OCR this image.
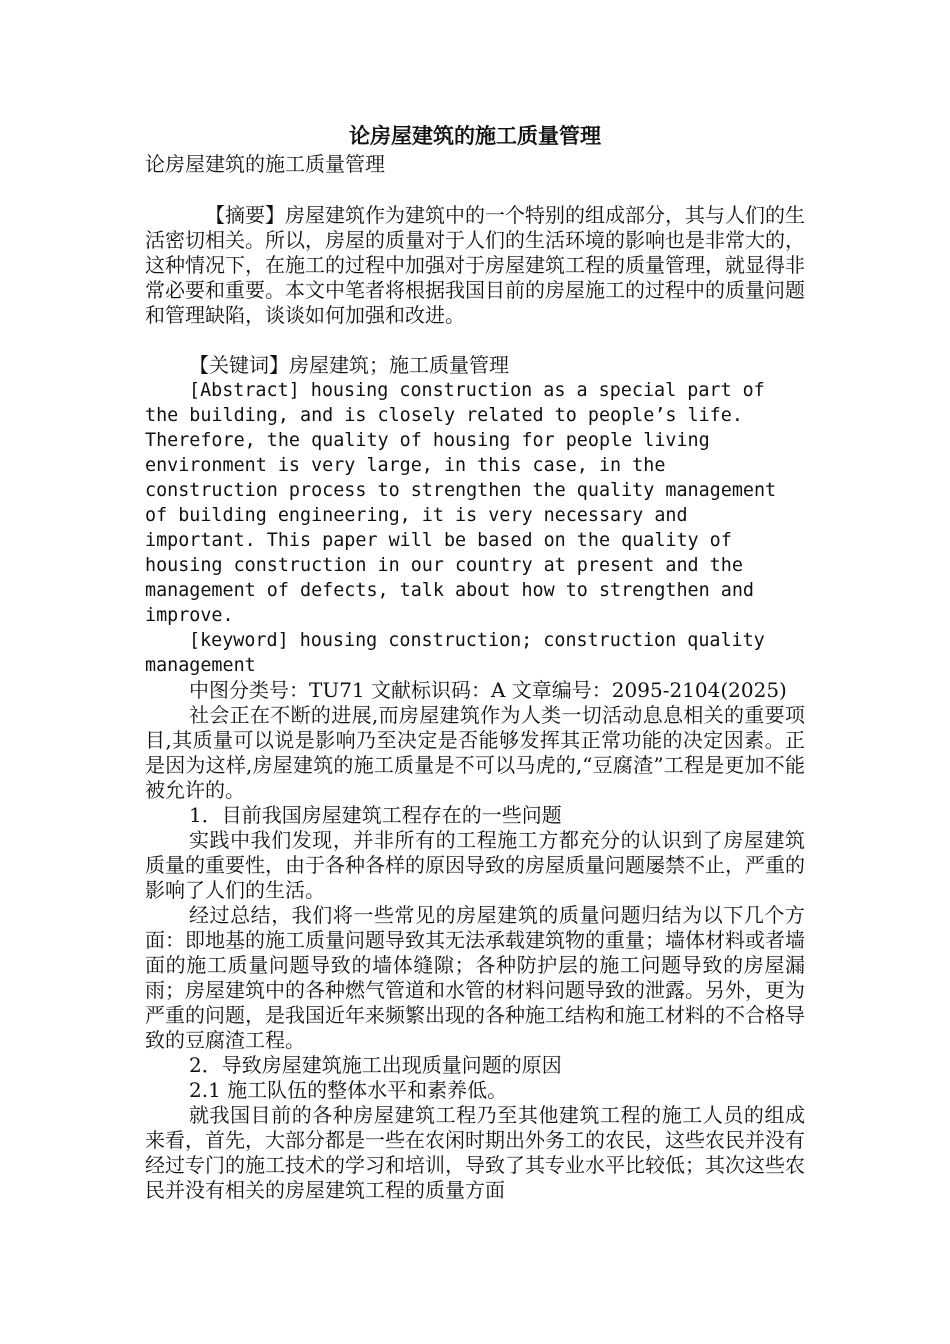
论房屋建筑的施工质量管理

论房屋建筑的施工质量管理

【摘要】房屋建筑作为建筑中的一个特别的组成部分，其与人们的生活密切相关。所以，房屋的质量对于人们的生活环境的影响也是非常大的，这种情况下，在施工的过程中加强对于房屋建筑工程的质量管理，就显得非常必要和重要。本文中笔者将根据我国目前的房屋施工的过程中的质量问题和管理缺陷，谈谈如何加强和改进。

【关键词】房屋建筑；施工质量管理

[Abstract] housing construction as a special part of the building, and is closely related to people’s life. Therefore, the quality of housing for people living environment is very large, in this case, in the construction process to strengthen the quality management of building engineering, it is very necessary and important. This paper will be based on the quality of housing construction in our country at present and the management of defects, talk about how to strengthen and improve.

[keyword] housing construction; construction quality management

中图分类号：TU71 文献标识码：A 文章编号：2095-2104(2025)

社会正在不断的进展,而房屋建筑作为人类一切活动息息相关的重要项目,其质量可以说是影响乃至决定是否能够发挥其正常功能的决定因素。正是因为这样,房屋建筑的施工质量是不可以马虎的,“豆腐渣”工程是更加不能被允许的。

1．目前我国房屋建筑工程存在的一些问题

实践中我们发现，并非所有的工程施工方都充分的认识到了房屋建筑质量的重要性，由于各种各样的原因导致的房屋质量问题屡禁不止，严重的影响了人们的生活。

经过总结，我们将一些常见的房屋建筑的质量问题归结为以下几个方面：即地基的施工质量问题导致其无法承载建筑物的重量；墙体材料或者墙面的施工质量问题导致的墙体缝隙；各种防护层的施工问题导致的房屋漏雨；房屋建筑中的各种燃气管道和水管的材料问题导致的泄露。另外，更为严重的问题，是我国近年来频繁出现的各种施工结构和施工材料的不合格导致的豆腐渣工程。

2．导致房屋建筑施工出现质量问题的原因

2.1 施工队伍的整体水平和素养低。

就我国目前的各种房屋建筑工程乃至其他建筑工程的施工人员的组成来看，首先，大部分都是一些在农闲时期出外务工的农民，这些农民并没有经过专门的施工技术的学习和培训，导致了其专业水平比较低；其次这些农民并没有相关的房屋建筑工程的质量方面
